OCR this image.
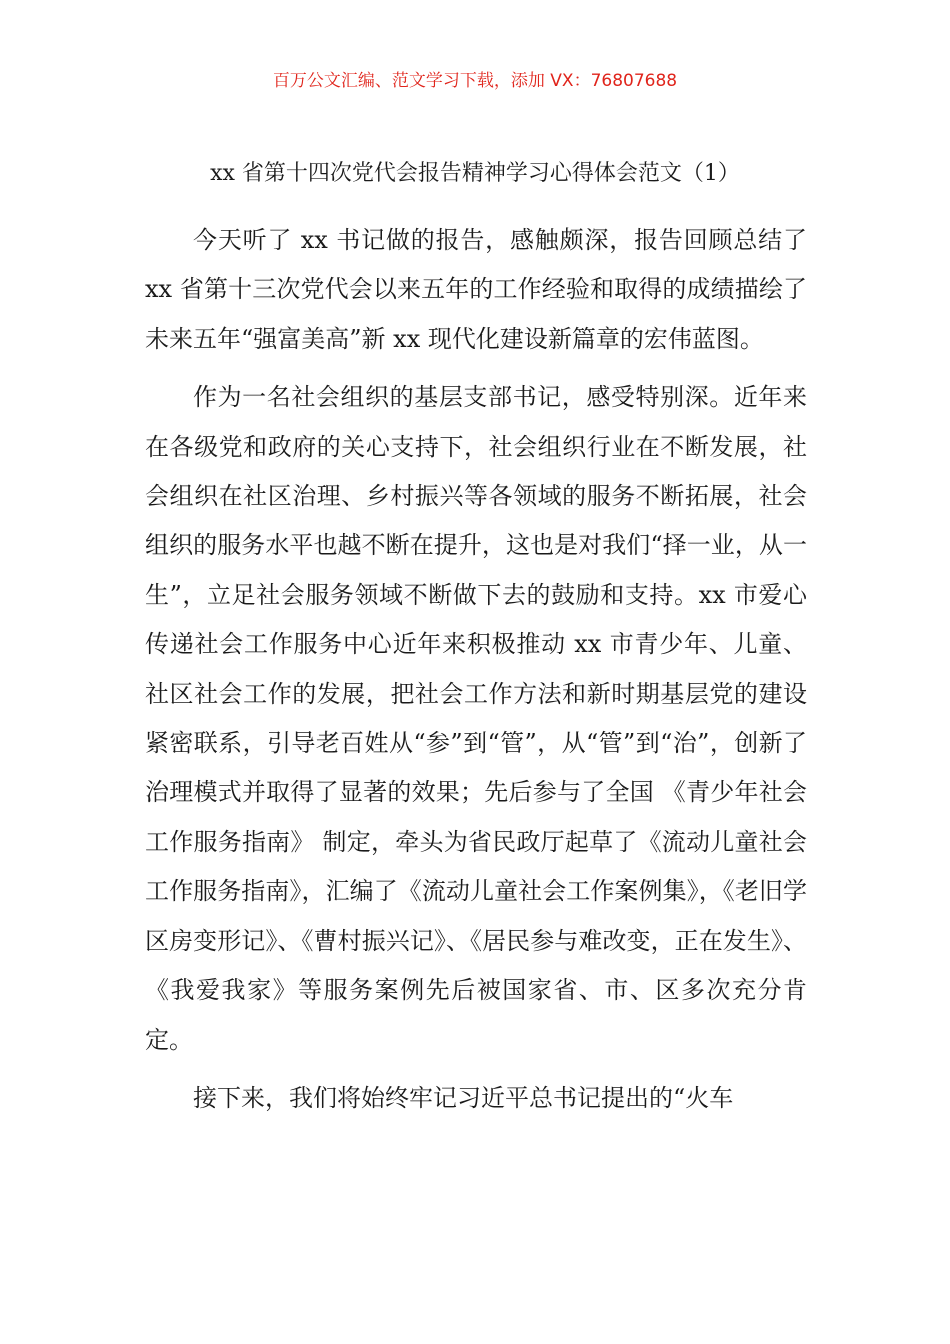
百万公文汇编、范文学习下载，添加 VX：76807688
xx 省第十四次党代会报告精神学习心得体会范文（1）

今天听了 xx 书记做的报告，感触颇深，报告回顾总结了 xx 省第十三次党代会以来五年的工作经验和取得的成绩描绘了未来五年“强富美高”新 xx 现代化建设新篇章的宏伟蓝图。

作为一名社会组织的基层支部书记，感受特别深。近年来在各级党和政府的关心支持下，社会组织行业在不断发展，社会组织在社区治理、乡村振兴等各领域的服务不断拓展，社会组织的服务水平也越不断在提升，这也是对我们“择一业，从一生”，立足社会服务领域不断做下去的鼓励和支持。xx 市爱心传递社会工作服务中心近年来积极推动 xx 市青少年、儿童、社区社会工作的发展，把社会工作方法和新时期基层党的建设紧密联系，引导老百姓从“参”到“管”，从“管”到“治”，创新了治理模式并取得了显著的效果；先后参与了全国 《青少年社会工作服务指南》 制定，牵头为省民政厅起草了《流动儿童社会工作服务指南》，汇编了《流动儿童社会工作案例集》，《老旧学区房变形记》、《曹村振兴记》、《居民参与难改变，正在发生》、《我爱我家》等服务案例先后被国家省、市、区多次充分肯定。

接下来，我们将始终牢记习近平总书记提出的“火车
